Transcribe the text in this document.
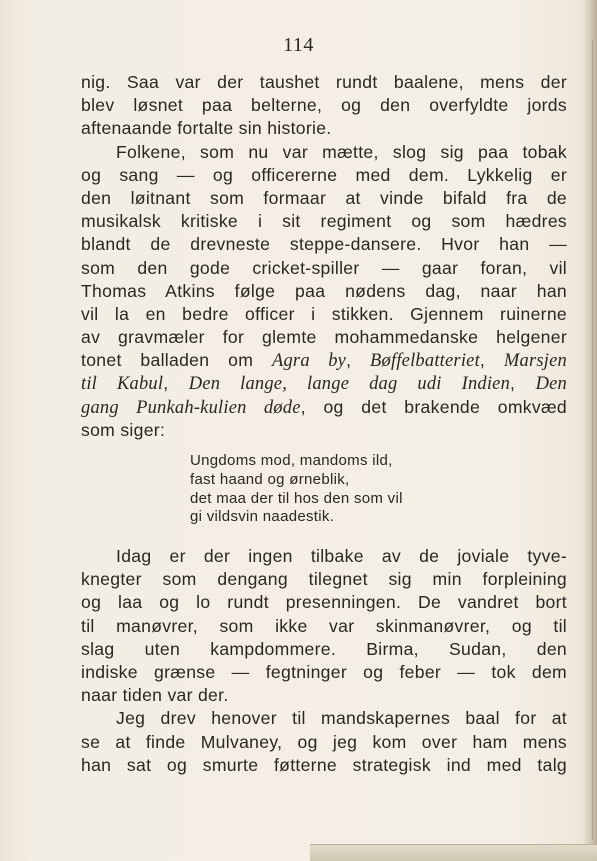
114
nig. Saa var der taushet rundt baalene, mens der
blev løsnet paa belterne, og den overfyldte jords
aftenaande fortalte sin historie.
Folkene, som nu var mætte, slog sig paa tobak
og sang — og officererne med dem. Lykkelig er
den løitnant som formaar at vinde bifald fra de
musikalsk kritiske i sit regiment og som hædres
blandt de drevneste steppe-dansere. Hvor han —
som den gode cricket-spiller — gaar foran, vil
Thomas Atkins følge paa nødens dag, naar han
vil la en bedre officer i stikken. Gjennem ruinerne
av gravmæler for glemte mohammedanske helgener
tonet balladen om Agra by, Bøffelbatteriet, Marsjen
til Kabul, Den lange, lange dag udi Indien, Den
gang Punkah-kulien døde, og det brakende omkvæd
som siger:
Ungdoms mod, mandoms ild,
fast haand og ørneblik,
det maa der til hos den som vil
gi vildsvin naadestik.
Idag er der ingen tilbake av de joviale tyve-
knegter som dengang tilegnet sig min forpleining
og laa og lo rundt presenningen. De vandret bort
til manøvrer, som ikke var skinmanøvrer, og til
slag uten kampdommere. Birma, Sudan, den
indiske grænse — fegtninger og feber — tok dem
naar tiden var der.
Jeg drev henover til mandskapernes baal for at
se at finde Mulvaney, og jeg kom over ham mens
han sat og smurte føtterne strategisk ind med talg
